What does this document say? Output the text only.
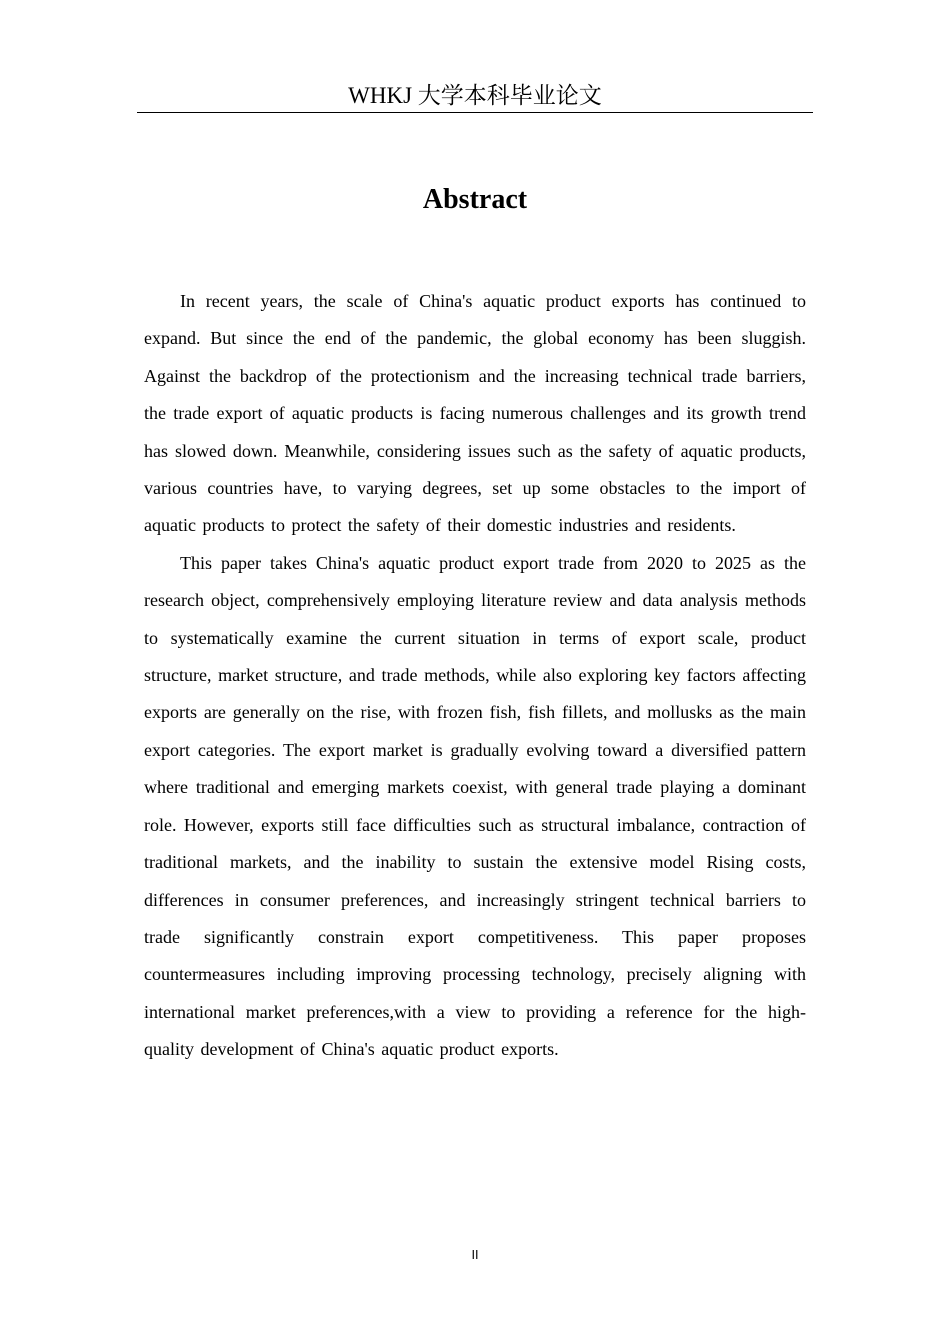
WHKJ 大学本科毕业论文
Abstract

In recent years, the scale of China's aquatic product exports has continued to expand. But since the end of the pandemic, the global economy has been sluggish. Against the backdrop of the protectionism and the increasing technical trade barriers, the trade export of aquatic products is facing numerous challenges and its growth trend has slowed down. Meanwhile, considering issues such as the safety of aquatic products, various countries have, to varying degrees, set up some obstacles to the import of aquatic products to protect the safety of their domestic industries and residents.

This paper takes China's aquatic product export trade from 2020 to 2025 as the research object, comprehensively employing literature review and data analysis methods to systematically examine the current situation in terms of export scale, product structure, market structure, and trade methods, while also exploring key factors affecting exports are generally on the rise, with frozen fish, fish fillets, and mollusks as the main export categories. The export market is gradually evolving toward a diversified pattern where traditional and emerging markets coexist, with general trade playing a dominant role. However, exports still face difficulties such as structural imbalance, contraction of traditional markets, and the inability to sustain the extensive model Rising costs, differences in consumer preferences, and increasingly stringent technical barriers to trade significantly constrain export competitiveness. This paper proposes countermeasures including improving processing technology, precisely aligning with international market preferences,with a view to providing a reference for the high-quality development of China's aquatic product exports.

II
